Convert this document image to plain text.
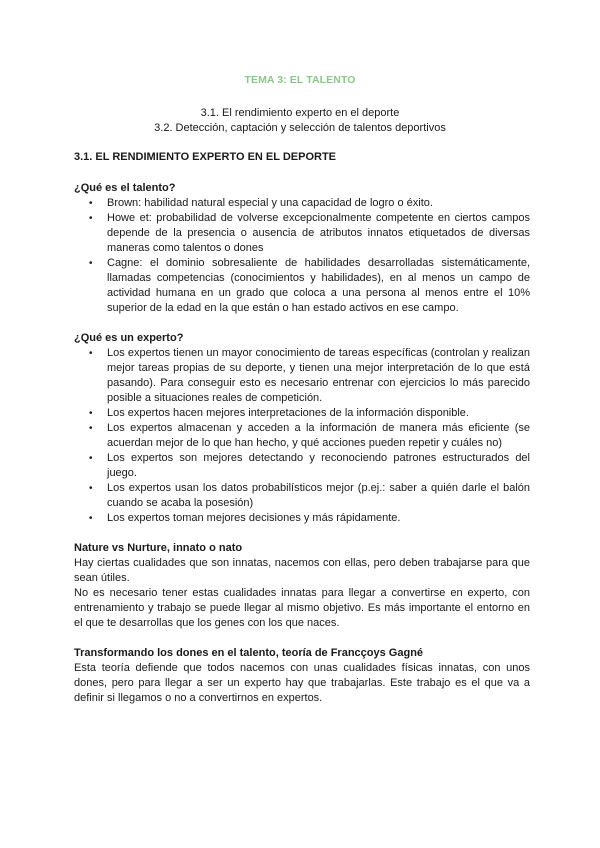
TEMA 3: EL TALENTO
3.1. El rendimiento experto en el deporte
3.2. Detección, captación y selección de talentos deportivos
3.1. EL RENDIMIENTO EXPERTO EN EL DEPORTE
¿Qué es el talento?
• Brown: habilidad natural especial y una capacidad de logro o éxito.
• Howe et: probabilidad de volverse excepcionalmente competente en ciertos campos depende de la presencia o ausencia de atributos innatos etiquetados de diversas maneras como talentos o dones
• Cagne: el dominio sobresaliente de habilidades desarrolladas sistemáticamente, llamadas competencias (conocimientos y habilidades), en al menos un campo de actividad humana en un grado que coloca a una persona al menos entre el 10% superior de la edad en la que están o han estado activos en ese campo.
¿Qué es un experto?
• Los expertos tienen un mayor conocimiento de tareas específicas (controlan y realizan mejor tareas propias de su deporte, y tienen una mejor interpretación de lo que está pasando). Para conseguir esto es necesario entrenar con ejercicios lo más parecido posible a situaciones reales de competición.
• Los expertos hacen mejores interpretaciones de la información disponible.
• Los expertos almacenan y acceden a la información de manera más eficiente (se acuerdan mejor de lo que han hecho, y qué acciones pueden repetir y cuáles no)
• Los expertos son mejores detectando y reconociendo patrones estructurados del juego.
• Los expertos usan los datos probabilísticos mejor (p.ej.: saber a quién darle el balón cuando se acaba la posesión)
• Los expertos toman mejores decisiones y más rápidamente.
Nature vs Nurture, innato o nato

Hay ciertas cualidades que son innatas, nacemos con ellas, pero deben trabajarse para que sean útiles.

No es necesario tener estas cualidades innatas para llegar a convertirse en experto, con entrenamiento y trabajo se puede llegar al mismo objetivo. Es más importante el entorno en el que te desarrollas que los genes con los que naces.

Transformando los dones en el talento, teoría de Francçoys Gagné

Esta teoría defiende que todos nacemos con unas cualidades físicas innatas, con unos dones, pero para llegar a ser un experto hay que trabajarlas. Este trabajo es el que va a definir si llegamos o no a convertirnos en expertos.
